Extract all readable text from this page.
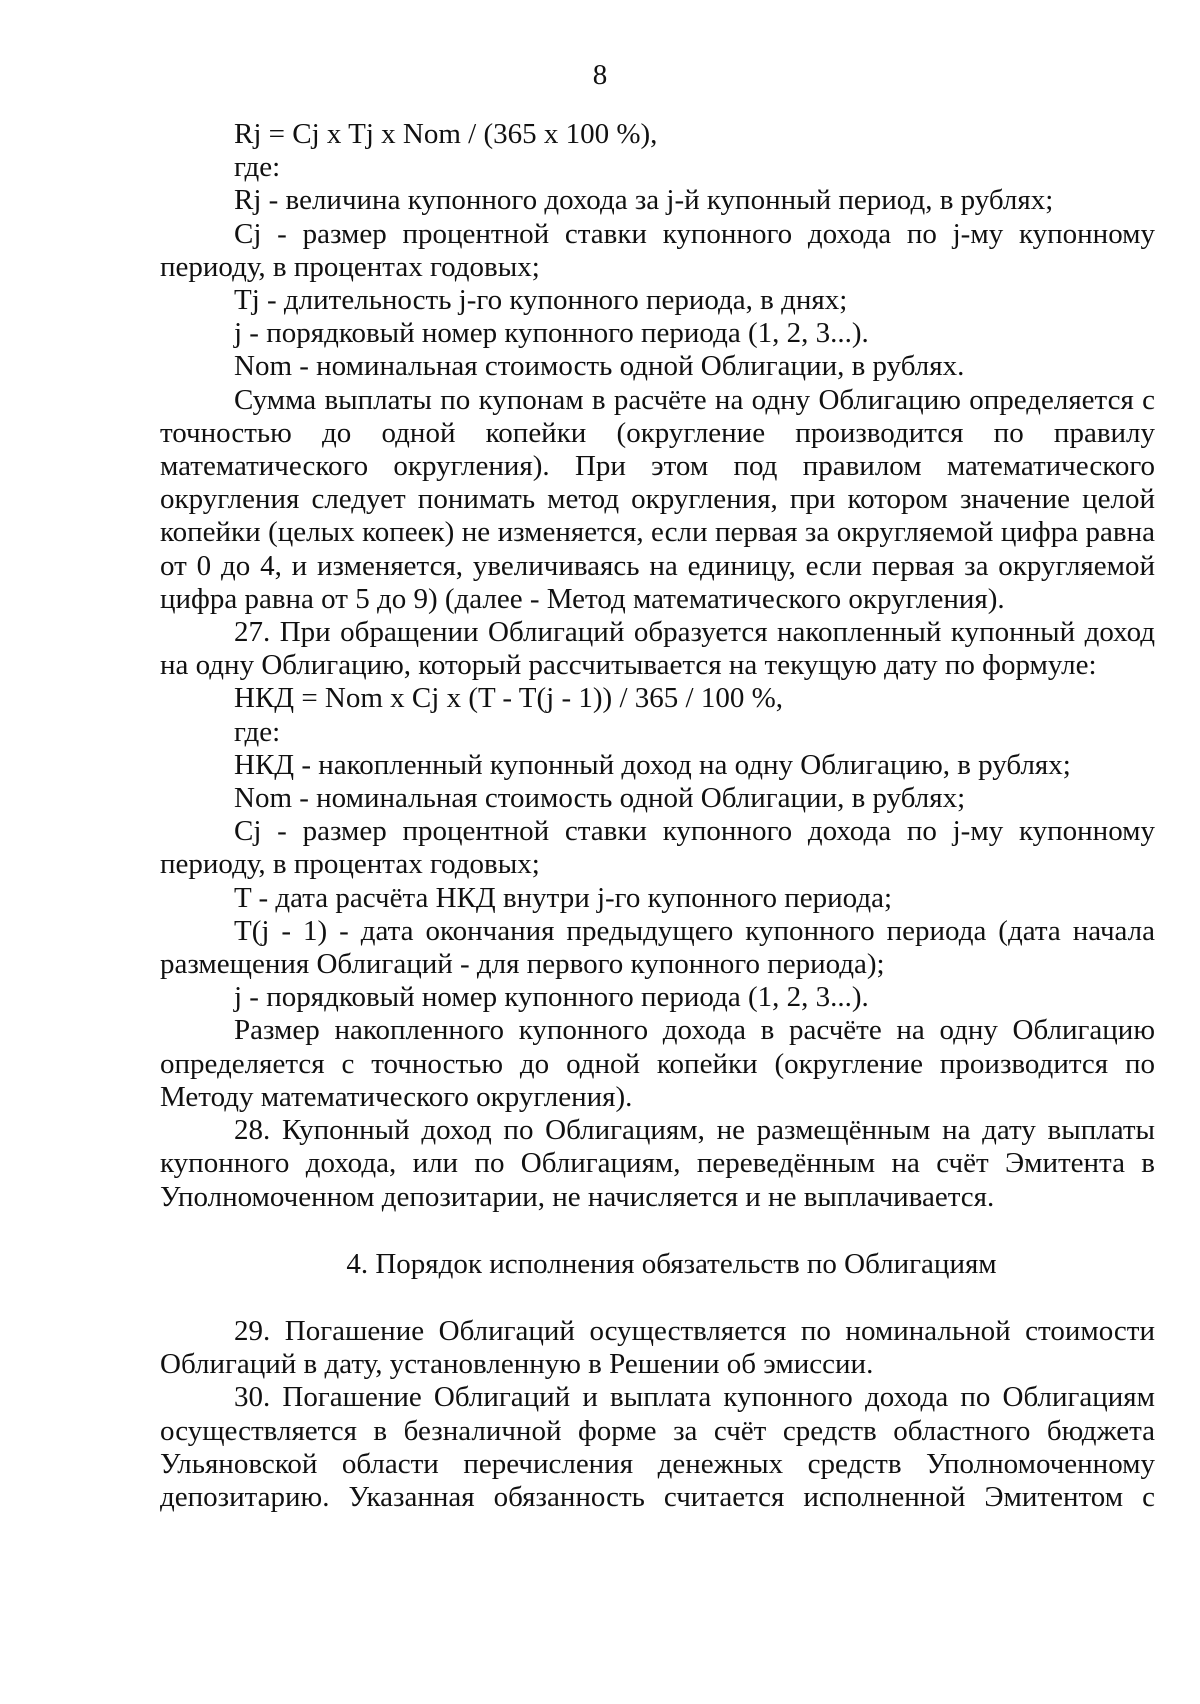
8

Rj = Cj x Tj x Nom / (365 x 100 %),

где:

Rj - величина купонного дохода за j-й купонный период, в рублях;

Cj - размер процентной ставки купонного дохода по j-му купонному периоду, в процентах годовых;

Tj - длительность j-го купонного периода, в днях;

j - порядковый номер купонного периода (1, 2, 3...).

Nom - номинальная стоимость одной Облигации, в рублях.

Сумма выплаты по купонам в расчёте на одну Облигацию определяется с точностью до одной копейки (округление производится по правилу математического округления). При этом под правилом математического округления следует понимать метод округления, при котором значение целой копейки (целых копеек) не изменяется, если первая за округляемой цифра равна от 0 до 4, и изменяется, увеличиваясь на единицу, если первая за округляемой цифра равна от 5 до 9) (далее - Метод математического округления).

27. При обращении Облигаций образуется накопленный купонный доход на одну Облигацию, который рассчитывается на текущую дату по формуле:

НКД = Nom x Cj x (T - T(j - 1)) / 365 / 100 %,

где:

НКД - накопленный купонный доход на одну Облигацию, в рублях;

Nom - номинальная стоимость одной Облигации, в рублях;

Cj - размер процентной ставки купонного дохода по j-му купонному периоду, в процентах годовых;

T - дата расчёта НКД внутри j-го купонного периода;

T(j - 1) - дата окончания предыдущего купонного периода (дата начала размещения Облигаций - для первого купонного периода);

j - порядковый номер купонного периода (1, 2, 3...).

Размер накопленного купонного дохода в расчёте на одну Облигацию определяется с точностью до одной копейки (округление производится по Методу математического округления).

28. Купонный доход по Облигациям, не размещённым на дату выплаты купонного дохода, или по Облигациям, переведённым на счёт Эмитента в Уполномоченном депозитарии, не начисляется и не выплачивается.

4. Порядок исполнения обязательств по Облигациям

29. Погашение Облигаций осуществляется по номинальной стоимости Облигаций в дату, установленную в Решении об эмиссии.

30. Погашение Облигаций и выплата купонного дохода по Облигациям осуществляется в безналичной форме за счёт средств областного бюджета Ульяновской области перечисления денежных средств Уполномоченному депозитарию. Указанная обязанность считается исполненной Эмитентом с
